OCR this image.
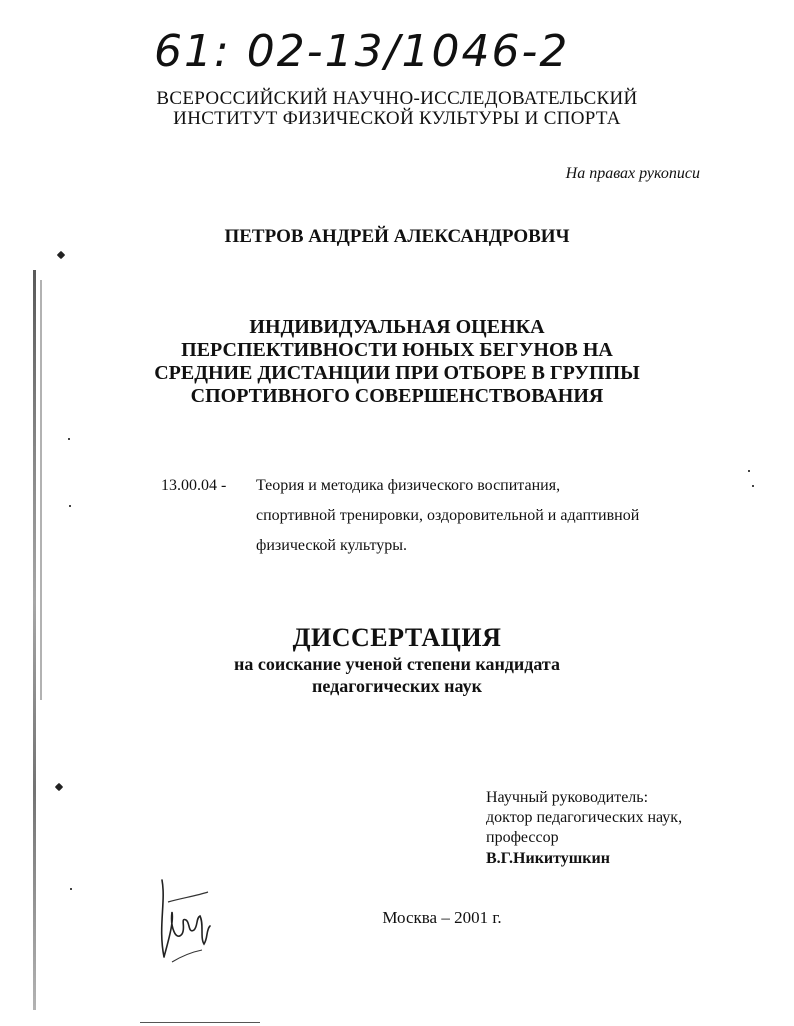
61: 02-13/1046-2
ВСЕРОССИЙСКИЙ НАУЧНО-ИССЛЕДОВАТЕЛЬСКИЙ
ИНСТИТУТ ФИЗИЧЕСКОЙ КУЛЬТУРЫ И СПОРТА
На правах рукописи
ПЕТРОВ АНДРЕЙ АЛЕКСАНДРОВИЧ
ИНДИВИДУАЛЬНАЯ ОЦЕНКА
ПЕРСПЕКТИВНОСТИ ЮНЫХ БЕГУНОВ НА
СРЕДНИЕ ДИСТАНЦИИ ПРИ ОТБОРЕ В ГРУППЫ
СПОРТИВНОГО СОВЕРШЕНСТВОВАНИЯ
13.00.04 - Теория и методика физического воспитания,
спортивной тренировки, оздоровительной и адаптивной
физической культуры.
ДИССЕРТАЦИЯ
на соискание ученой степени кандидата
педагогических наук
Научный руководитель:
доктор педагогических наук,
профессор
В.Г.Никитушкин
Москва – 2001 г.
